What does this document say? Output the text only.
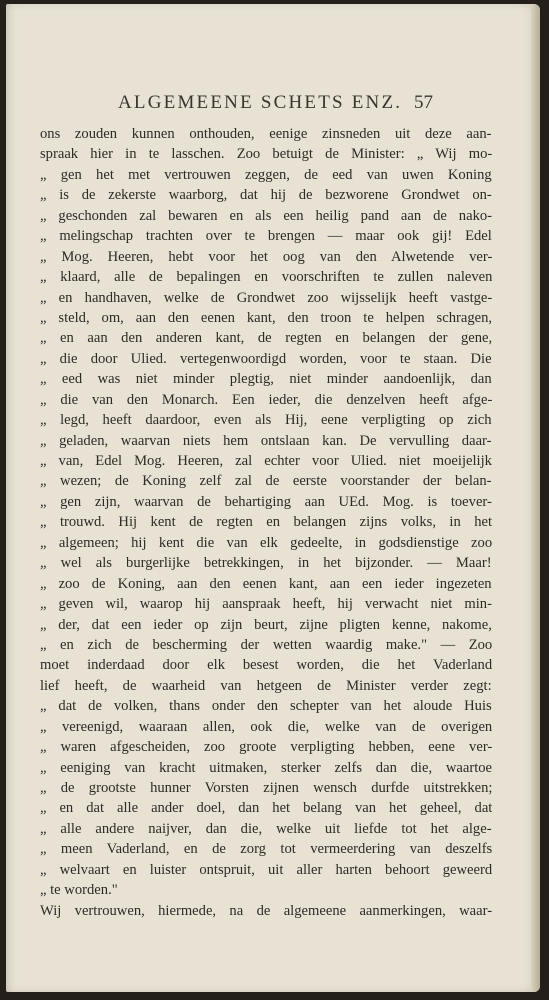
ALGEMEENE SCHETS ENZ. 57
ons zouden kunnen onthouden, eenige zinsneden uit deze aan-
spraak hier in te lasschen. Zoo betuigt de Minister: „ Wij mo-
„ gen het met vertrouwen zeggen, de eed van uwen Koning
„ is de zekerste waarborg, dat hij de bezworene Grondwet on-
„ geschonden zal bewaren en als een heilig pand aan de nako-
„ melingschap trachten over te brengen — maar ook gij! Edel
„ Mog. Heeren, hebt voor het oog van den Alwetende ver-
„ klaard, alle de bepalingen en voorschriften te zullen naleven
„ en handhaven, welke de Grondwet zoo wijsselijk heeft vastge-
„ steld, om, aan den eenen kant, den troon te helpen schragen,
„ en aan den anderen kant, de regten en belangen der gene,
„ die door Ulied. vertegenwoordigd worden, voor te staan. Die
„ eed was niet minder plegtig, niet minder aandoenlijk, dan
„ die van den Monarch. Een ieder, die denzelven heeft afge-
„ legd, heeft daardoor, even als Hij, eene verpligting op zich
„ geladen, waarvan niets hem ontslaan kan. De vervulling daar-
„ van, Edel Mog. Heeren, zal echter voor Ulied. niet moeijelijk
„ wezen; de Koning zelf zal de eerste voorstander der belan-
„ gen zijn, waarvan de behartiging aan UEd. Mog. is toever-
„ trouwd. Hij kent de regten en belangen zijns volks, in het
„ algemeen; hij kent die van elk gedeelte, in godsdienstige zoo
„ wel als burgerlijke betrekkingen, in het bijzonder. — Maar!
„ zoo de Koning, aan den eenen kant, aan een ieder ingezeten
„ geven wil, waarop hij aanspraak heeft, hij verwacht niet min-
„ der, dat een ieder op zijn beurt, zijne pligten kenne, nakome,
„ en zich de bescherming der wetten waardig make." — Zoo
moet inderdaad door elk besest worden, die het Vaderland
lief heeft, de waarheid van hetgeen de Minister verder zegt:
„ dat de volken, thans onder den schepter van het aloude Huis
„ vereenigd, waaraan allen, ook die, welke van de overigen
„ waren afgescheiden, zoo groote verpligting hebben, eene ver-
„ eeniging van kracht uitmaken, sterker zelfs dan die, waartoe
„ de grootste hunner Vorsten zijnen wensch durfde uitstrekken;
„ en dat alle ander doel, dan het belang van het geheel, dat
„ alle andere naijver, dan die, welke uit liefde tot het alge-
„ meen Vaderland, en de zorg tot vermeerdering van deszelfs
„ welvaart en luister ontspruit, uit aller harten behoort geweerd
„ te worden."
Wij vertrouwen, hiermede, na de algemeene aanmerkingen, waar-
